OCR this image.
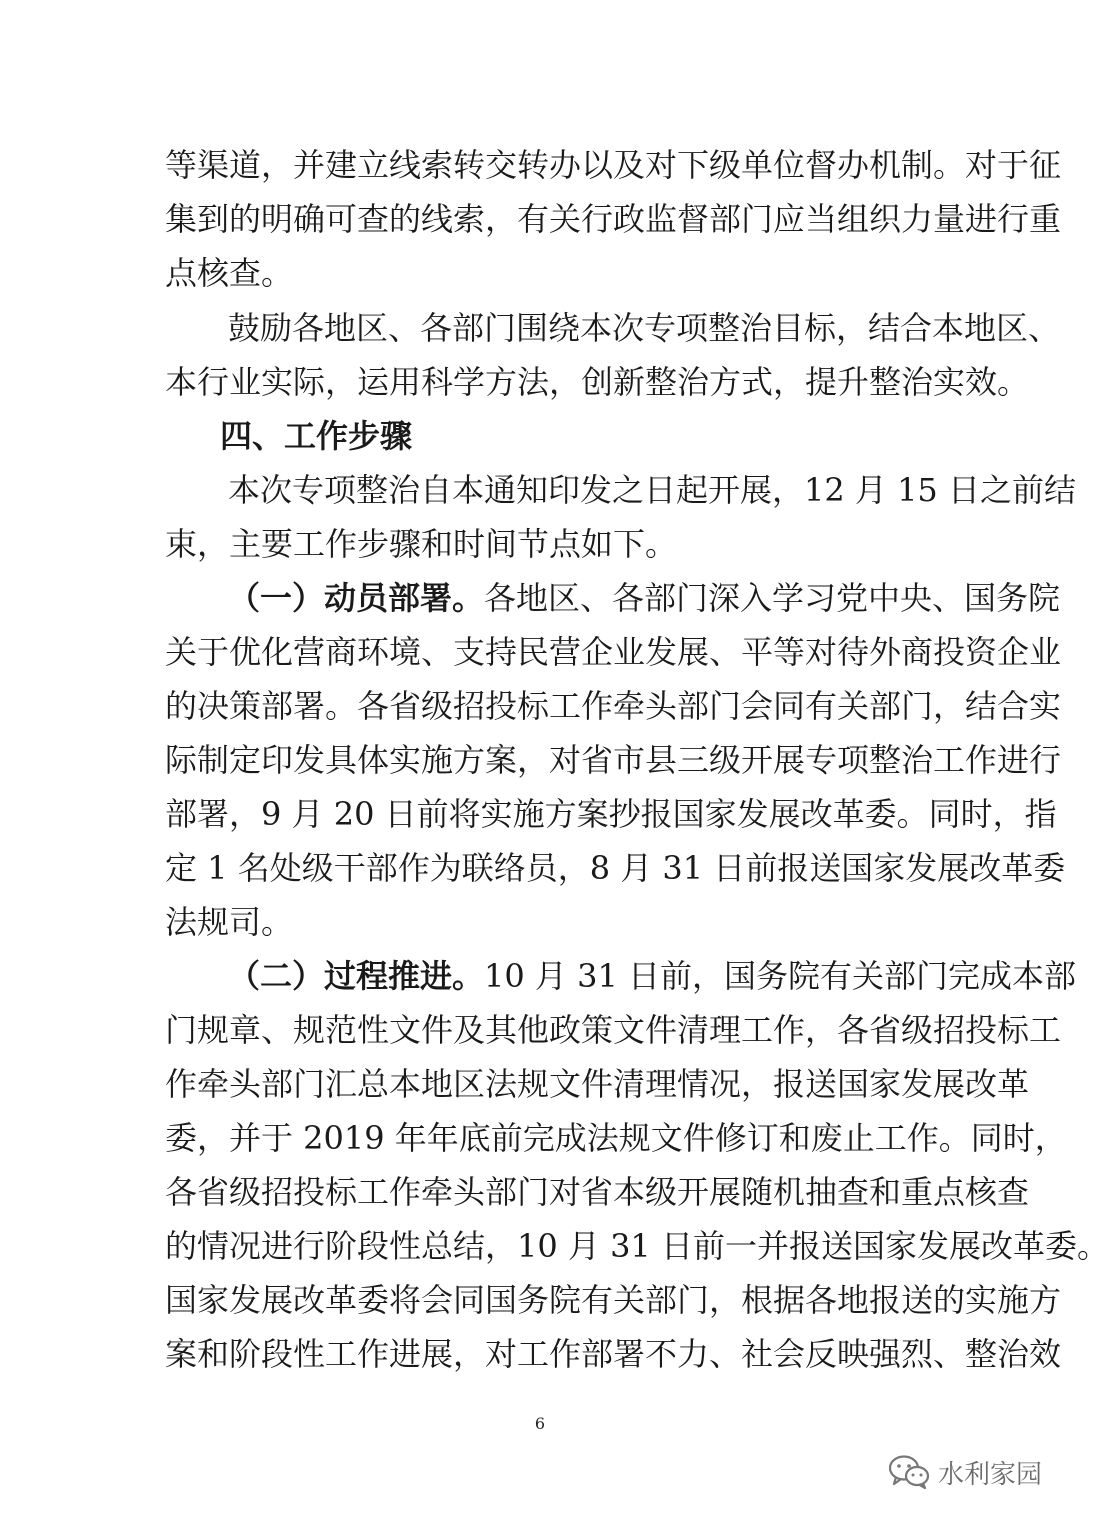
等渠道，并建立线索转交转办以及对下级单位督办机制。对于征
集到的明确可查的线索，有关行政监督部门应当组织力量进行重
点核查。
鼓励各地区、各部门围绕本次专项整治目标，结合本地区、
本行业实际，运用科学方法，创新整治方式，提升整治实效。
四、工作步骤
本次专项整治自本通知印发之日起开展，12 月 15 日之前结
束，主要工作步骤和时间节点如下。
（一）动员部署。各地区、各部门深入学习党中央、国务院
关于优化营商环境、支持民营企业发展、平等对待外商投资企业
的决策部署。各省级招投标工作牵头部门会同有关部门，结合实
际制定印发具体实施方案，对省市县三级开展专项整治工作进行
部署，9 月 20 日前将实施方案抄报国家发展改革委。同时，指
定 1 名处级干部作为联络员，8 月 31 日前报送国家发展改革委
法规司。
（二）过程推进。10 月 31 日前，国务院有关部门完成本部
门规章、规范性文件及其他政策文件清理工作，各省级招投标工
作牵头部门汇总本地区法规文件清理情况，报送国家发展改革
委，并于 2019 年年底前完成法规文件修订和废止工作。同时，
各省级招投标工作牵头部门对省本级开展随机抽查和重点核查
的情况进行阶段性总结，10 月 31 日前一并报送国家发展改革委。
国家发展改革委将会同国务院有关部门，根据各地报送的实施方
案和阶段性工作进展，对工作部署不力、社会反映强烈、整治效
6
水利家园
